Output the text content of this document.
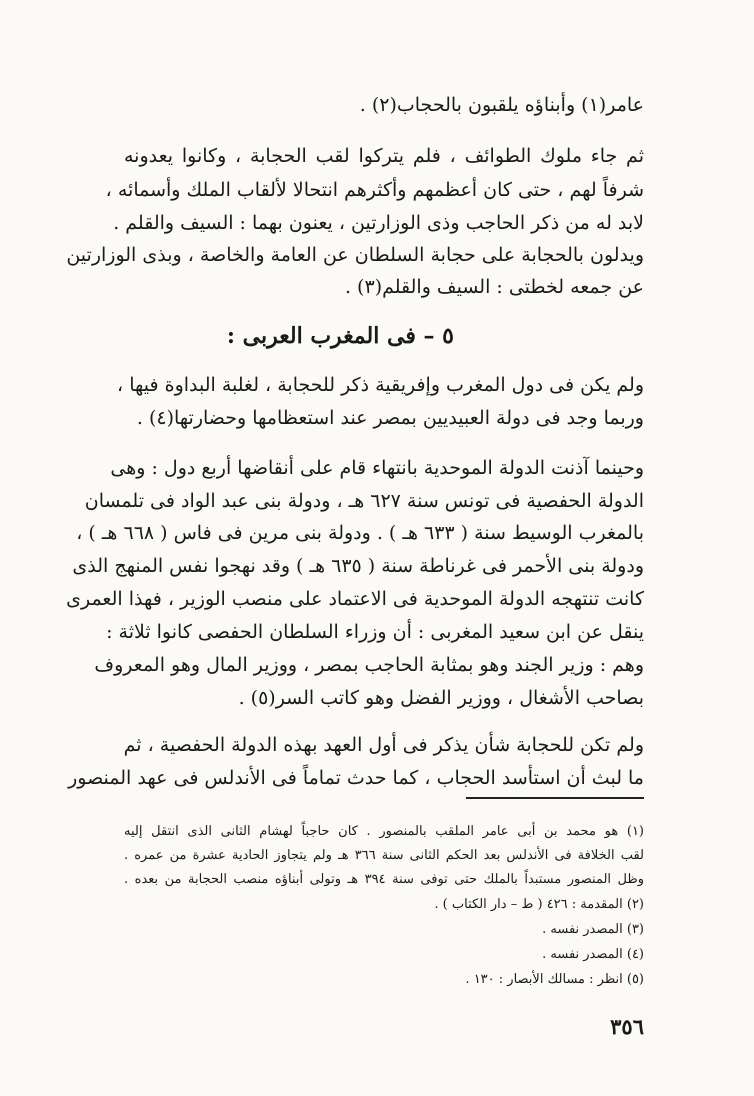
عامر(١) وأبناؤه يلقبون بالحجاب(٢) .
ثم جاء ملوك الطوائف ، فلم يتركوا لقب الحجابة ، وكانوا يعدونه
شرفاً لهم ، حتى كان أعظمهم وأكثرهم انتحالا لألقاب الملك وأسمائه ،
لابد له من ذكر الحاجب وذى الوزارتين ، يعنون بهما : السيف والقلم .
ويدلون بالحجابة على حجابة السلطان عن العامة والخاصة ، وبذى الوزارتين
عن جمعه لخطتى : السيف والقلم(٣) .
٥ – فى المغرب العربى :
ولم يكن فى دول المغرب وإفريقية ذكر للحجابة ، لغلبة البداوة فيها ،
وربما وجد فى دولة العبيديين بمصر عند استعظامها وحضارتها(٤) .
وحينما آذنت الدولة الموحدية بانتهاء قام على أنقاضها أربع دول : وهى
الدولة الحفصية فى تونس سنة ٦٢٧ هـ ، ودولة بنى عبد الواد فى تلمسان
بالمغرب الوسيط سنة ( ٦٣٣ هـ ) . ودولة بنى مرين فى فاس ( ٦٦٨ هـ ) ،
ودولة بنى الأحمر فى غرناطة سنة ( ٦٣٥ هـ ) وقد نهجوا نفس المنهج الذى
كانت تنتهجه الدولة الموحدية فى الاعتماد على منصب الوزير ، فهذا العمرى
ينقل عن ابن سعيد المغربى : أن وزراء السلطان الحفصى كانوا ثلاثة :
وهم : وزير الجند وهو بمثابة الحاجب بمصر ، ووزير المال وهو المعروف
بصاحب الأشغال ، ووزير الفضل وهو كاتب السر(٥) .
ولم تكن للحجابة شأن يذكر فى أول العهد بهذه الدولة الحفصية ، ثم
ما لبث أن استأسد الحجاب ، كما حدث تماماً فى الأندلس فى عهد المنصور
(١) هو محمد بن أبى عامر الملقب بالمنصور . كان حاجباً لهشام الثانى الذى انتقل إليه
لقب الخلافة فى الأندلس بعد الحكم الثانى سنة ٣٦٦ هـ ولم يتجاوز الحادية عشرة من عمره .
وظل المنصور مستبداً بالملك حتى توفى سنة ٣٩٤ هـ وتولى أبناؤه منصب الحجابة من بعده .
(٢) المقدمة : ٤٢٦ ( ط – دار الكتاب ) .
(٣) المصدر نفسه .
(٤) المصدر نفسه .
(٥) انظر : مسالك الأبصار : ١٣٠ .
٣٥٦
